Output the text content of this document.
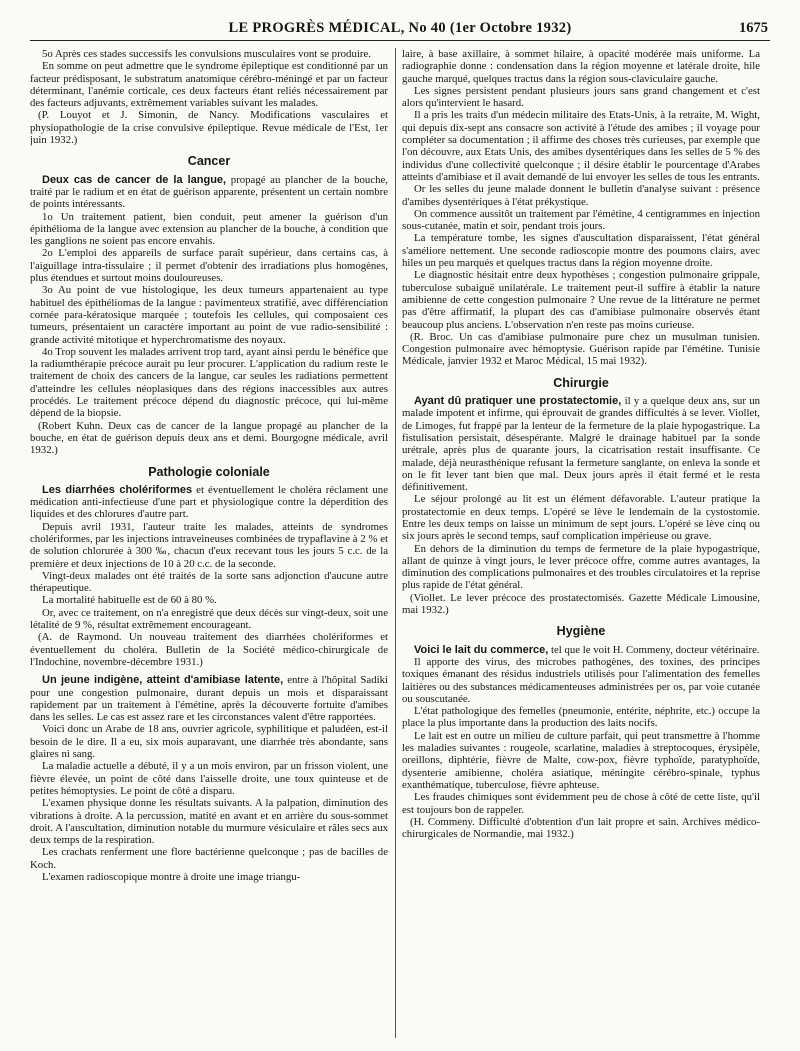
LE PROGRÈS MÉDICAL, No 40 (1er Octobre 1932)	1675

5o Après ces stades successifs les convulsions musculaires vont se produire.

En somme on peut admettre que le syndrome épileptique est conditionné par un facteur prédisposant, le substratum anatomique cérébro-méningé et par un facteur déterminant, l'anémie corticale, ces deux facteurs étant reliés nécessairement par des facteurs adjuvants, extrêmement variables suivant les malades.

(P. Louyot et J. Simonin, de Nancy. Modifications vasculaires et physiopathologie de la crise convulsive épileptique. Revue médicale de l'Est, 1er juin 1932.)

Cancer

Deux cas de cancer de la langue, propagé au plancher de la bouche, traité par le radium et en état de guérison apparente, présentent un certain nombre de points intéressants.

1o Un traitement patient, bien conduit, peut amener la guérison d'un épithélioma de la langue avec extension au plancher de la bouche, à condition que les ganglions ne soient pas encore envahis.

2o L'emploi des appareils de surface paraît supérieur, dans certains cas, à l'aiguillage intra-tissulaire ; il permet d'obtenir des irradiations plus homogènes, plus étendues et surtout moins douloureuses.

3o Au point de vue histologique, les deux tumeurs appartenaient au type habituel des épithéliomas de la langue : pavimenteux stratifié, avec différenciation cornée para-kératosique marquée ; toutefois les cellules, qui composaient ces tumeurs, présentaient un caractère important au point de vue radio-sensibilité : grande activité mitotique et hyperchromatisme des noyaux.

4o Trop souvent les malades arrivent trop tard, ayant ainsi perdu le bénéfice que la radiumthérapie précoce aurait pu leur procurer. L'application du radium reste le traitement de choix des cancers de la langue, car seules les radiations permettent d'atteindre les cellules néoplasiques dans des régions inaccessibles aux autres procédés. Le traitement précoce dépend du diagnostic précoce, qui lui-même dépend de la biopsie.

(Robert Kuhn. Deux cas de cancer de la langue propagé au plancher de la bouche, en état de guérison depuis deux ans et demi. Bourgogne médicale, avril 1932.)

Pathologie coloniale

Les diarrhées cholériformes et éventuellement le choléra réclament une médication anti-infectieuse d'une part et physiologique contre la déperdition des liquides et des chlorures d'autre part.

Depuis avril 1931, l'auteur traite les malades, atteints de syndromes cholériformes, par les injections intraveineuses combinées de trypaflavine à 2 % et de solution chlorurée à 300 ‰, chacun d'eux recevant tous les jours 5 c.c. de la première et deux injections de 10 à 20 c.c. de la seconde.

Vingt-deux malades ont été traités de la sorte sans adjonction d'aucune autre thérapeutique.

La mortalité habituelle est de 60 à 80 %.

Or, avec ce traitement, on n'a enregistré que deux décès sur vingt-deux, soit une létalité de 9 %, résultat extrêmement encourageant.

(A. de Raymond. Un nouveau traitement des diarrhées cholériformes et éventuellement du choléra. Bulletin de la Société médico-chirurgicale de l'Indochine, novembre-décembre 1931.)

Un jeune indigène, atteint d'amibiase latente, entre à l'hôpital Sadiki pour une congestion pulmonaire, durant depuis un mois et disparaissant rapidement par un traitement à l'émétine, après la découverte fortuite d'amibes dans les selles. Le cas est assez rare et les circonstances valent d'être rapportées.

Voici donc un Arabe de 18 ans, ouvrier agricole, syphilitique et paludéen, est-il besoin de le dire. Il a eu, six mois auparavant, une diarrhée très abondante, sans glaires ni sang.

La maladie actuelle a débuté, il y a un mois environ, par un frisson violent, une fièvre élevée, un point de côté dans l'aisselle droite, une toux quinteuse et de petites hémoptysies. Le point de côté a disparu.

L'examen physique donne les résultats suivants. A la palpation, diminution des vibrations à droite. A la percussion, matité en avant et en arrière du sous-sommet droit. A l'auscultation, diminution notable du murmure vésiculaire et râles secs aux deux temps de la respiration.

Les crachats renferment une flore bactérienne quelconque ; pas de bacilles de Koch.

L'examen radioscopique montre à droite une image triangu-

laire, à base axillaire, à sommet hilaire, à opacité modérée mais uniforme. La radiographie donne : condensation dans la région moyenne et latérale droite, hile gauche marqué, quelques tractus dans la région sous-claviculaire gauche.

Les signes persistent pendant plusieurs jours sans grand changement et c'est alors qu'intervient le hasard.

Il a pris les traits d'un médecin militaire des Etats-Unis, à la retraite, M. Wight, qui depuis dix-sept ans consacre son activité à l'étude des amibes ; il voyage pour compléter sa documentation ; il affirme des choses très curieuses, par exemple que l'on découvre, aux Etats Unis, des amibes dysentériques dans les selles de 5 % des individus d'une collectivité quelconque ; il désire établir le pourcentage d'Arabes atteints d'amibiase et il avait demandé de lui envoyer les selles de tous les entrants.

Or les selles du jeune malade donnent le bulletin d'analyse suivant : présence d'amibes dysentériques à l'état prékystique.

On commence aussitôt un traitement par l'émétine, 4 centigrammes en injection sous-cutanée, matin et soir, pendant trois jours.

La température tombe, les signes d'auscultation disparaissent, l'état général s'améliore nettement. Une seconde radioscopie montre des poumons clairs, avec hiles un peu marqués et quelques tractus dans la région moyenne droite.

Le diagnostic hésitait entre deux hypothèses ; congestion pulmonaire grippale, tuberculose subaiguë unilatérale. Le traitement peut-il suffire à établir la nature amibienne de cette congestion pulmonaire ? Une revue de la littérature ne permet pas d'être affirmatif, la plupart des cas d'amibiase pulmonaire observés étant beaucoup plus anciens. L'observation n'en reste pas moins curieuse.

(R. Broc. Un cas d'amibiase pulmonaire pure chez un musulman tunisien. Congestion pulmonaire avec hémoptysie. Guérison rapide par l'émétine. Tunisie Médicale, janvier 1932 et Maroc Médical, 15 mai 1932).

Chirurgie

Ayant dû pratiquer une prostatectomie, il y a quelque deux ans, sur un malade impotent et infirme, qui éprouvait de grandes difficultés à se lever. Viollet, de Limoges, fut frappé par la lenteur de la fermeture de la plaie hypogastrique. La fistulisation persistait, désespérante. Malgré le drainage habituel par la sonde urétrale, après plus de quarante jours, la cicatrisation restait insuffisante. Ce malade, déjà neurasthénique refusant la fermeture sanglante, on enleva la sonde et on le fit lever tant bien que mal. Deux jours après il était fermé et le resta définitivement.

Le séjour prolongé au lit est un élément défavorable. L'auteur pratique la prostatectomie en deux temps. L'opéré se lève le lendemain de la cystostomie. Entre les deux temps on laisse un minimum de sept jours. L'opéré se lève cinq ou six jours après le second temps, sauf complication impérieuse ou grave.

En dehors de la diminution du temps de fermeture de la plaie hypogastrique, allant de quinze à vingt jours, le lever précoce offre, comme autres avantages, la diminution des complications pulmonaires et des troubles circulatoires et la reprise plus rapide de l'état général.

(Viollet. Le lever précoce des prostatectomisés. Gazette Médicale Limousine, mai 1932.)

Hygiène

Voici le lait du commerce, tel que le voit H. Commeny, docteur vétérinaire.

Il apporte des virus, des microbes pathogènes, des toxines, des principes toxiques émanant des résidus industriels utilisés pour l'alimentation des femelles laitières ou des substances médicamenteuses administrées per os, par voie cutanée ou souscutanée.

L'état pathologique des femelles (pneumonie, entérite, néphrite, etc.) occupe la place la plus importante dans la production des laits nocifs.

Le lait est en outre un milieu de culture parfait, qui peut transmettre à l'homme les maladies suivantes : rougeole, scarlatine, maladies à streptocoques, érysipèle, oreillons, diphtérie, fièvre de Malte, cow-pox, fièvre typhoïde, paratyphoïde, dysenterie amibienne, choléra asiatique, méningite cérébro-spinale, typhus exanthématique, tuberculose, fièvre aphteuse.

Les fraudes chimiques sont évidemment peu de chose à côté de cette liste, qu'il est toujours bon de rappeler.

(H. Commeny. Difficulté d'obtention d'un lait propre et sain. Archives médico-chirurgicales de Normandie, mai 1932.)
